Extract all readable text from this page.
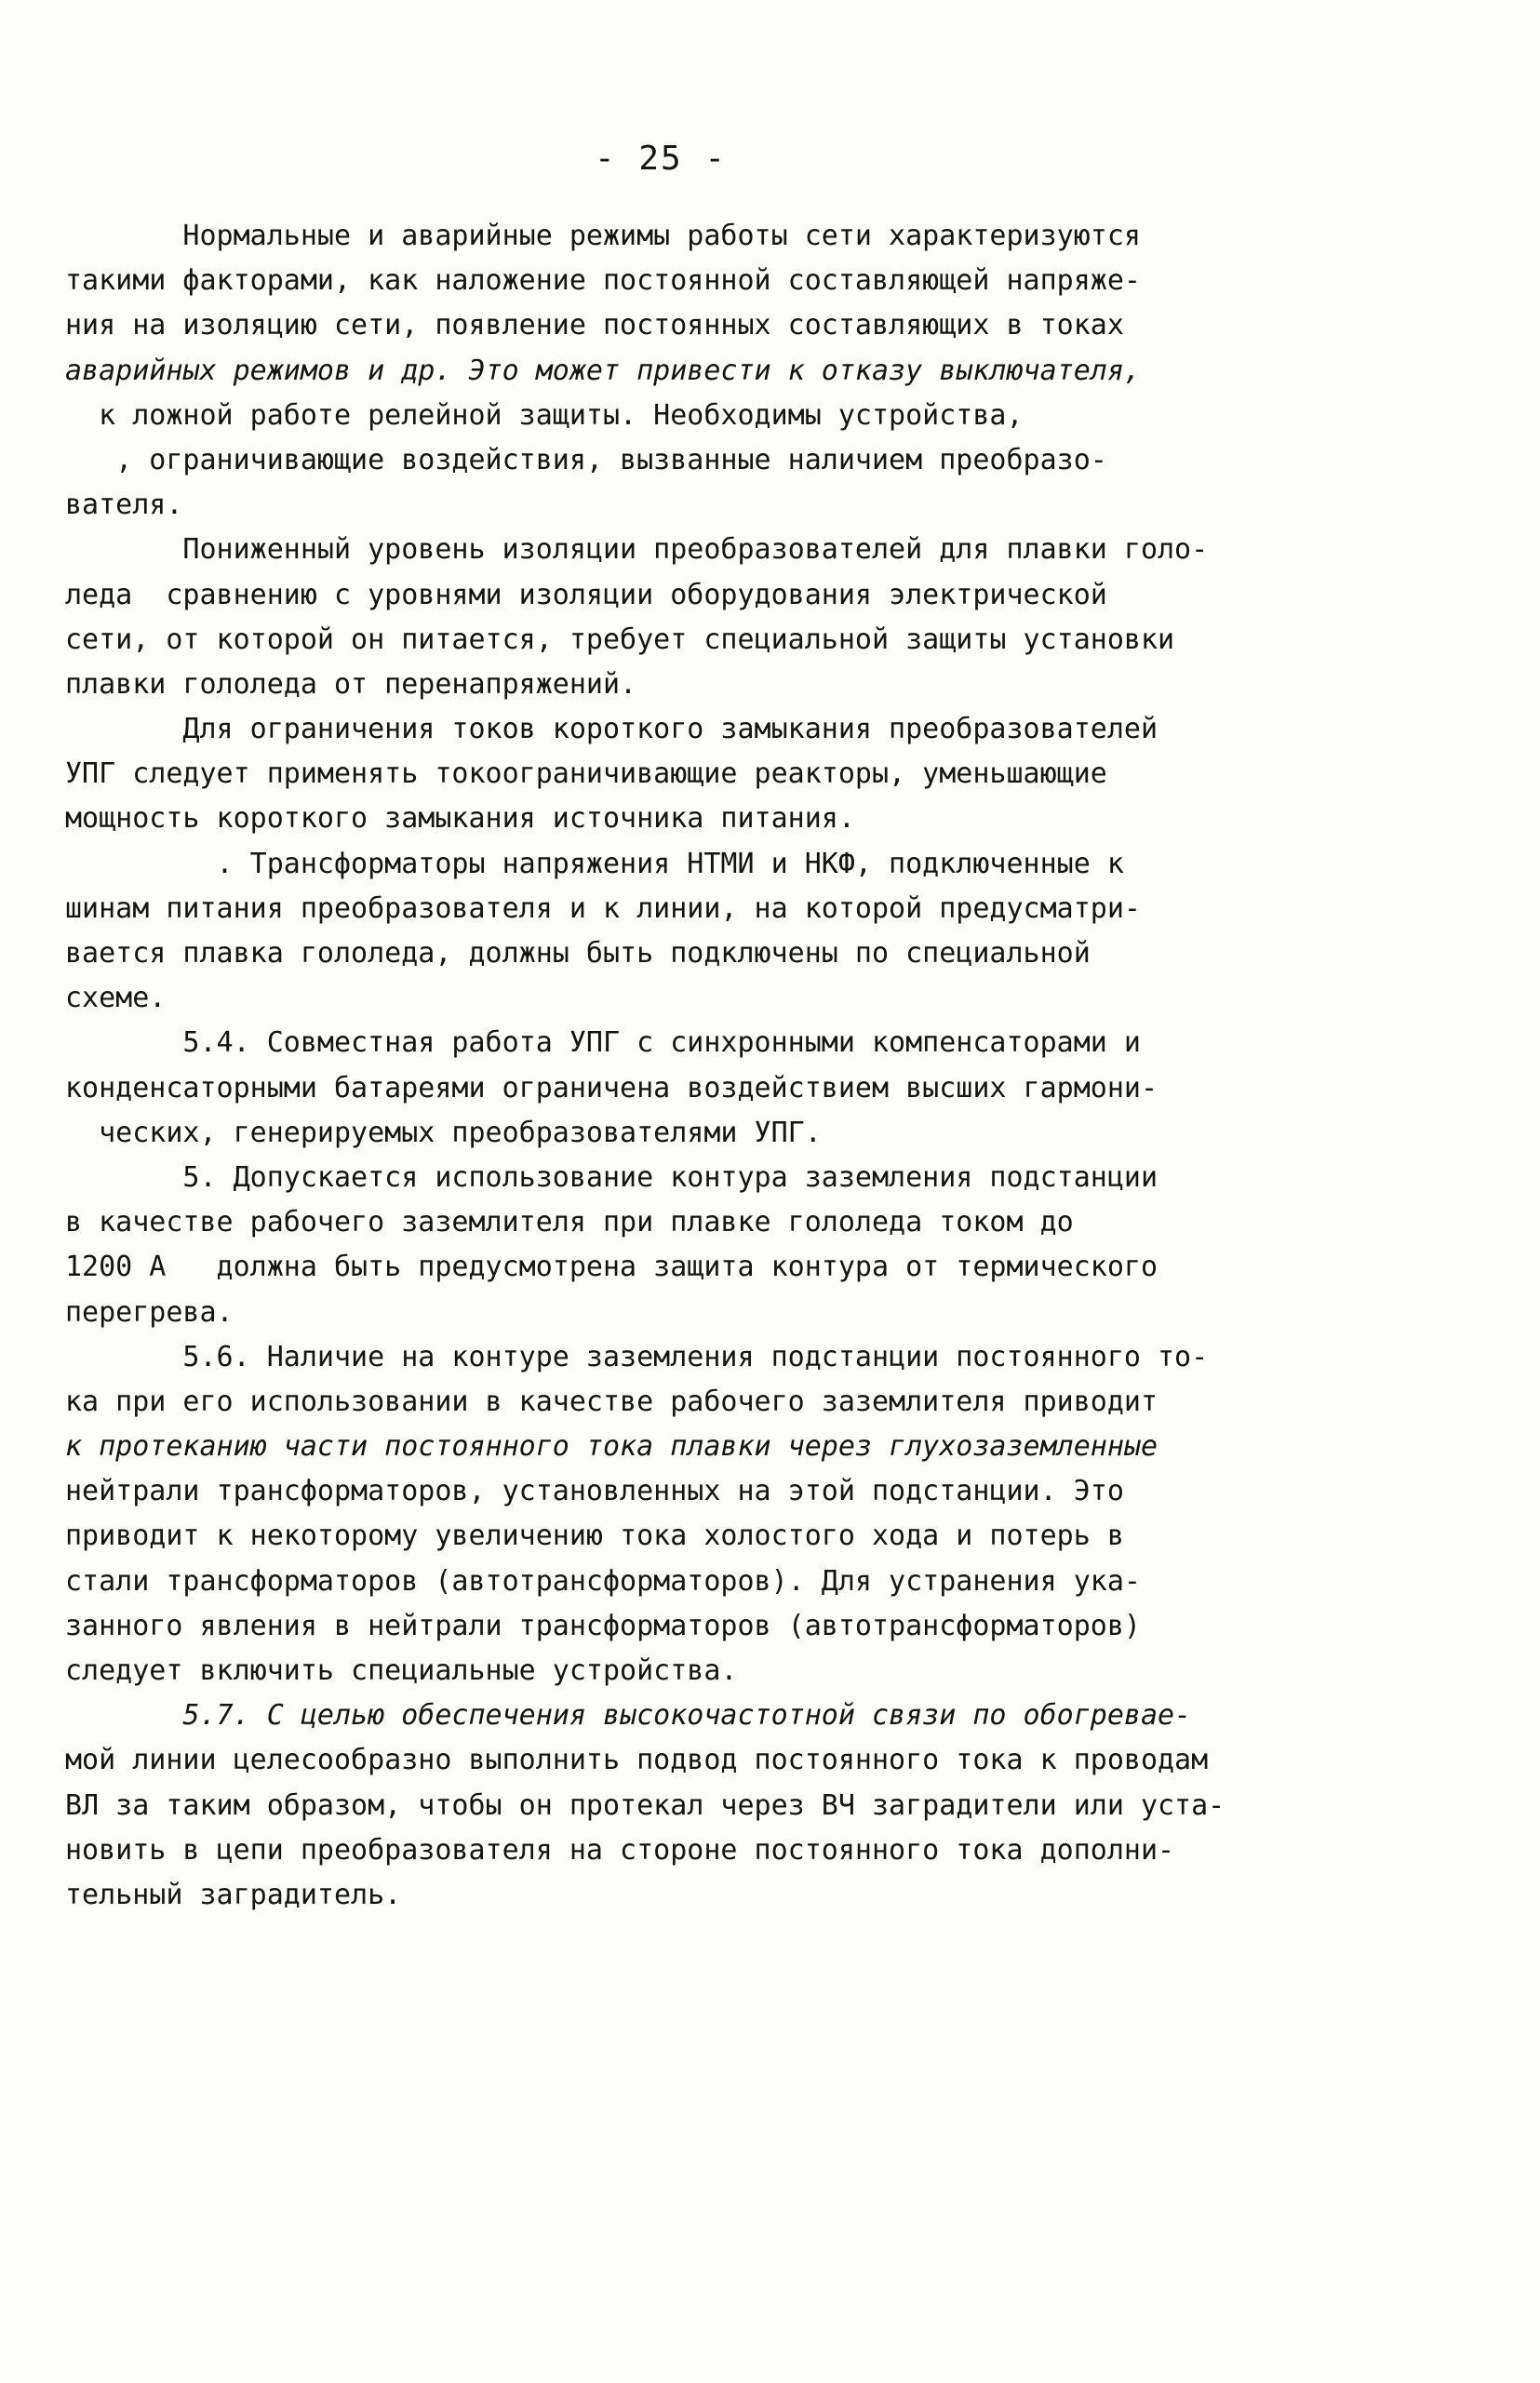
- 25 -
Нормальные и аварийные режимы работы сети характеризуются
такими факторами, как наложение постоянной составляющей напряже-
ния на изоляцию сети, появление постоянных составляющих в токах
аварийных режимов и др. Это может привести к отказу выключателя,
к ложной работе релейной защиты. Необходимы устройства,
, ограничивающие воздействия, вызванные наличием преобразо-
вателя.
Пониженный уровень изоляции преобразователей для плавки голо-
леда  сравнению с уровнями изоляции оборудования электрической
сети, от которой он питается, требует специальной защиты установки
плавки гололеда от перенапряжений.
Для ограничения токов короткого замыкания преобразователей
УПГ следует применять токоограничивающие реакторы, уменьшающие
мощность короткого замыкания источника питания.
. Трансформаторы напряжения НТМИ и НКФ, подключенные к
шинам питания преобразователя и к линии, на которой предусматри-
вается плавка гололеда, должны быть подключены по специальной
схеме.
5.4. Совместная работа УПГ с синхронными компенсаторами и
конденсаторными батареями ограничена воздействием высших гармони-
ческих, генерируемых преобразователями УПГ.
5. Допускается использование контура заземления подстанции
в качестве рабочего заземлителя при плавке гололеда током до
1200 А   должна быть предусмотрена защита контура от термического
перегрева.
5.6. Наличие на контуре заземления подстанции постоянного то-
ка при его использовании в качестве рабочего заземлителя приводит
к протеканию части постоянного тока плавки через глухозаземленные
нейтрали трансформаторов, установленных на этой подстанции. Это
приводит к некоторому увеличению тока холостого хода и потерь в
стали трансформаторов (автотрансформаторов). Для устранения ука-
занного явления в нейтрали трансформаторов (автотрансформаторов)
следует включить специальные устройства.
5.7. С целью обеспечения высокочастотной связи по обогреваe-
мой линии целесообразно выполнить подвод постоянного тока к проводам
ВЛ за таким образом, чтобы он протекал через ВЧ заградители или уста-
новить в цепи преобразователя на стороне постоянного тока дополни-
тельный заградитель.
